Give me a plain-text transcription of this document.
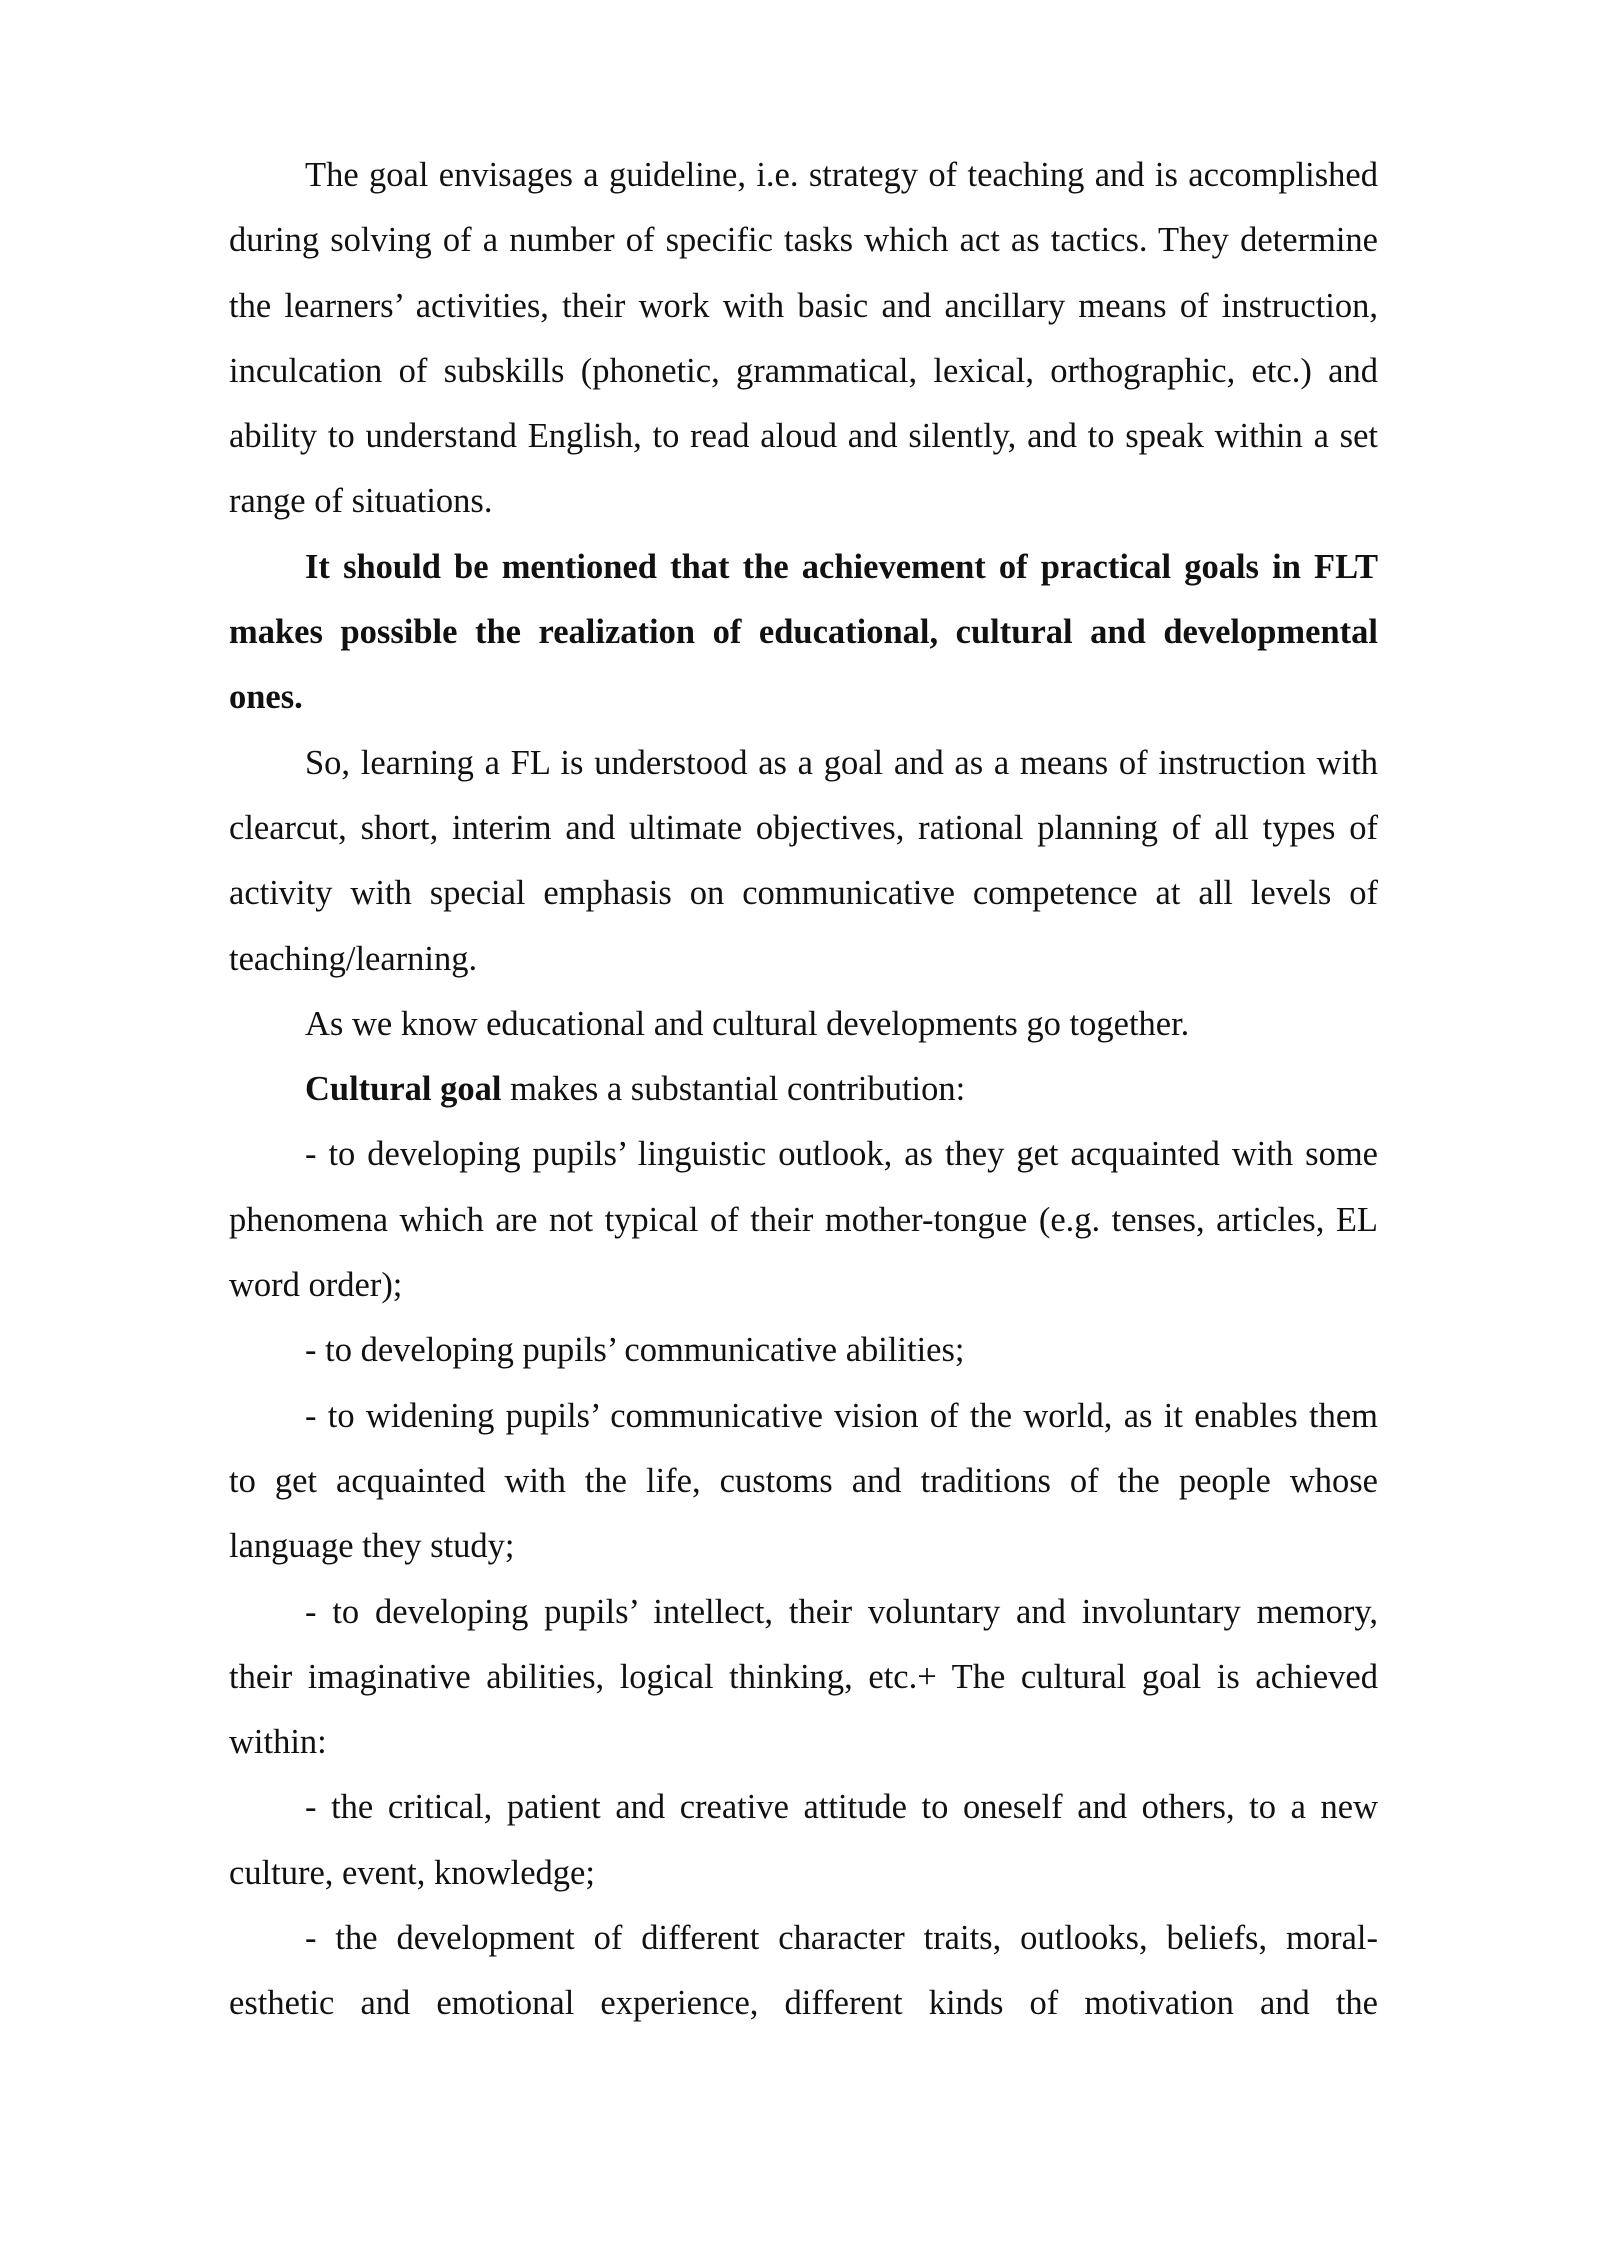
The goal envisages a guideline, i.e. strategy of teaching and is accomplished during solving of a number of specific tasks which act as tactics. They determine the learners’ activities, their work with basic and ancillary means of instruction, inculcation of subskills (phonetic, grammatical, lexical, orthographic, etc.) and ability to understand English, to read aloud and silently, and to speak within a set range of situations.

It should be mentioned that the achievement of practical goals in FLT makes possible the realization of educational, cultural and developmental ones.

So, learning a FL is understood as a goal and as a means of instruction with clearcut, short, interim and ultimate objectives, rational planning of all types of activity with special emphasis on communicative competence at all levels of teaching/learning.

As we know educational and cultural developments go together.

Cultural goal makes a substantial contribution:

- to developing pupils’ linguistic outlook, as they get acquainted with some phenomena which are not typical of their mother-tongue (e.g. tenses, articles, EL word order);

- to developing pupils’ communicative abilities;

- to widening pupils’ communicative vision of the world, as it enables them to get acquainted with the life, customs and traditions of the people whose language they study;

- to developing pupils’ intellect, their voluntary and involuntary memory, their imaginative abilities, logical thinking, etc.+ The cultural goal is achieved within:

- the critical, patient and creative attitude to oneself and others, to a new culture, event, knowledge;

- the development of different character traits, outlooks, beliefs, moral-esthetic and emotional experience, different kinds of motivation and the
